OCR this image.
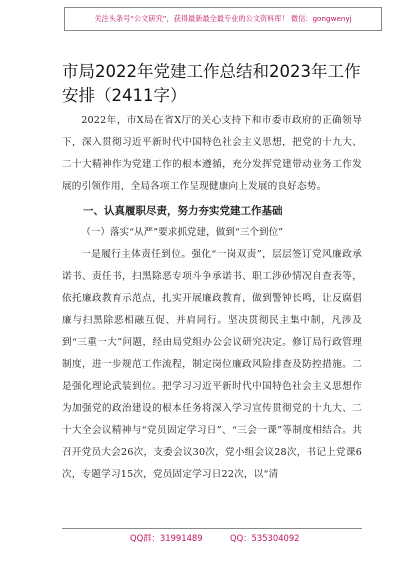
关注头条号“公文研究”，获得最新最全最专业的公文资料库！ 微信：gongwenyj
市局2022年党建工作总结和2023年工作安排（2411字）

2022年，市X局在省X厅的关心支持下和市委市政府的正确领导下，深入贯彻习近平新时代中国特色社会主义思想，把党的十九大、二十大精神作为党建工作的根本遵循，充分发挥党建带动业务工作发展的引领作用，全局各项工作呈现健康向上发展的良好态势。

一、认真履职尽责，努力夯实党建工作基础

（一）落实“从严”要求抓党建，做到“三个到位”

一是履行主体责任到位。强化“一岗双责”，层层签订党风廉政承诺书、责任书，扫黑除恶专项斗争承诺书、职工涉砂情况自查表等，依托廉政教育示范点，扎实开展廉政教育，做到警钟长鸣，让反腐倡廉与扫黑除恶相融互促、并肩同行。坚决贯彻民主集中制，凡涉及到“三重一大”问题，经由局党组办公会议研究决定。修订局行政管理制度，进一步规范工作流程，制定岗位廉政风险排查及防控措施。二是强化理论武装到位。把学习习近平新时代中国特色社会主义思想作为加强党的政治建设的根本任务将深入学习宣传贯彻党的十九大、二十大全会议精神与“党员固定学习日”、“三会一课”等制度相结合。共召开党员大会26次，支委会议30次，党小组会议28次，书记上党课6次，专题学习15次，党员固定学习日22次，以“清

QQ群：31991489	QQ：535304092
